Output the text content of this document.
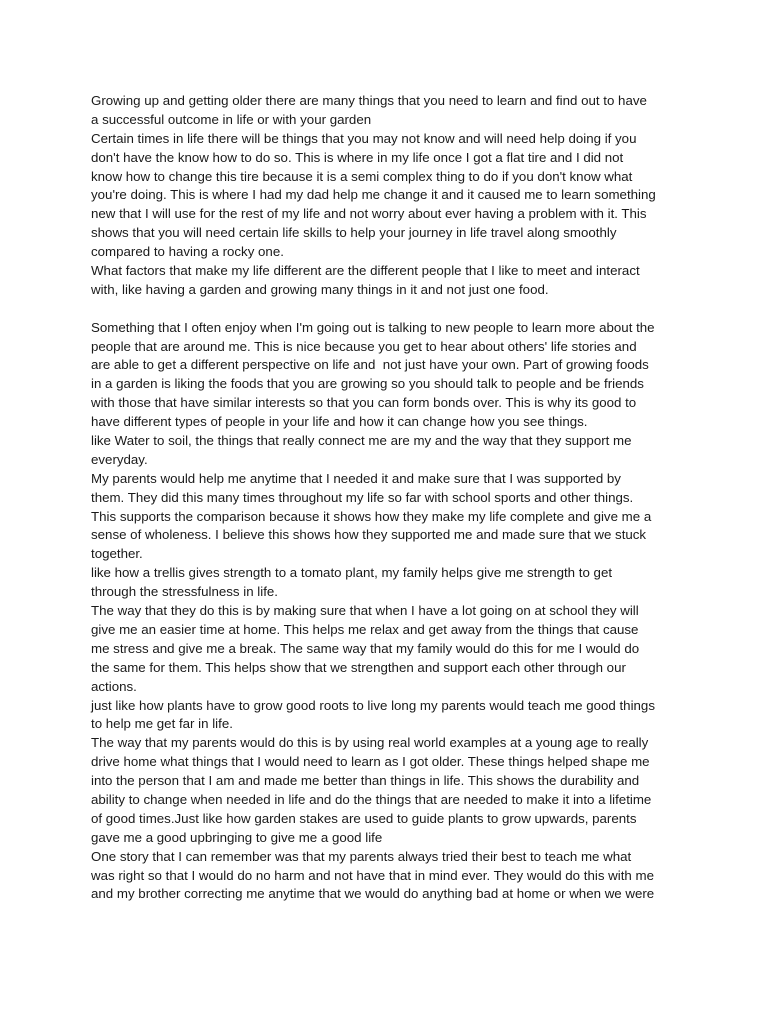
Growing up and getting older there are many things that you need to learn and find out to have
a successful outcome in life or with your garden
Certain times in life there will be things that you may not know and will need help doing if you
don't have the know how to do so. This is where in my life once I got a flat tire and I did not
know how to change this tire because it is a semi complex thing to do if you don't know what
you're doing. This is where I had my dad help me change it and it caused me to learn something
new that I will use for the rest of my life and not worry about ever having a problem with it. This
shows that you will need certain life skills to help your journey in life travel along smoothly
compared to having a rocky one.
What factors that make my life different are the different people that I like to meet and interact
with, like having a garden and growing many things in it and not just one food.
Something that I often enjoy when I'm going out is talking to new people to learn more about the
people that are around me. This is nice because you get to hear about others' life stories and
are able to get a different perspective on life and  not just have your own. Part of growing foods
in a garden is liking the foods that you are growing so you should talk to people and be friends
with those that have similar interests so that you can form bonds over. This is why its good to
have different types of people in your life and how it can change how you see things.
like Water to soil, the things that really connect me are my and the way that they support me
everyday.
My parents would help me anytime that I needed it and make sure that I was supported by
them. They did this many times throughout my life so far with school sports and other things.
This supports the comparison because it shows how they make my life complete and give me a
sense of wholeness. I believe this shows how they supported me and made sure that we stuck
together.
like how a trellis gives strength to a tomato plant, my family helps give me strength to get
through the stressfulness in life.
The way that they do this is by making sure that when I have a lot going on at school they will
give me an easier time at home. This helps me relax and get away from the things that cause
me stress and give me a break. The same way that my family would do this for me I would do
the same for them. This helps show that we strengthen and support each other through our
actions.
just like how plants have to grow good roots to live long my parents would teach me good things
to help me get far in life.
The way that my parents would do this is by using real world examples at a young age to really
drive home what things that I would need to learn as I got older. These things helped shape me
into the person that I am and made me better than things in life. This shows the durability and
ability to change when needed in life and do the things that are needed to make it into a lifetime
of good times.Just like how garden stakes are used to guide plants to grow upwards, parents
gave me a good upbringing to give me a good life
One story that I can remember was that my parents always tried their best to teach me what
was right so that I would do no harm and not have that in mind ever. They would do this with me
and my brother correcting me anytime that we would do anything bad at home or when we were
